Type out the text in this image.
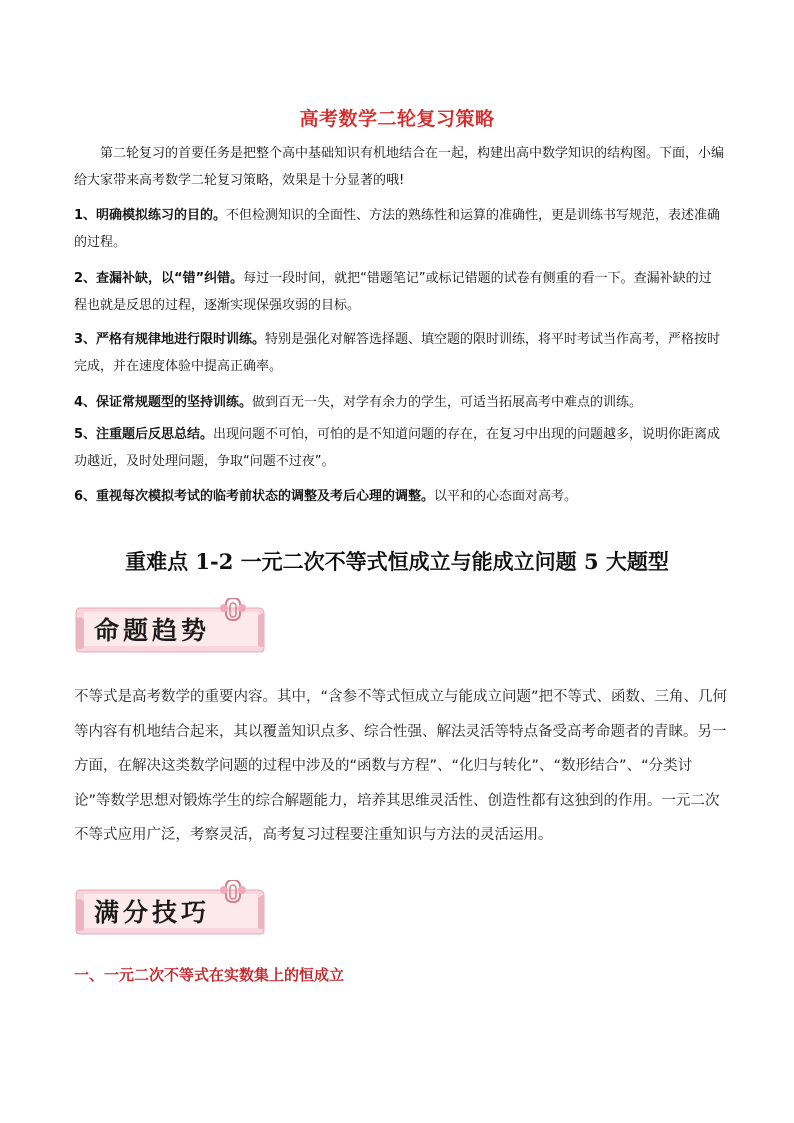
高考数学二轮复习策略
第二轮复习的首要任务是把整个高中基础知识有机地结合在一起，构建出高中数学知识的结构图。下面，小编给大家带来高考数学二轮复习策略，效果是十分显著的哦!
1、明确模拟练习的目的。不但检测知识的全面性、方法的熟练性和运算的准确性，更是训练书写规范，表述准确的过程。
2、查漏补缺，以“错”纠错。每过一段时间，就把“错题笔记”或标记错题的试卷有侧重的看一下。查漏补缺的过程也就是反思的过程，逐渐实现保强攻弱的目标。
3、严格有规律地进行限时训练。特别是强化对解答选择题、填空题的限时训练，将平时考试当作高考，严格按时完成，并在速度体验中提高正确率。
4、保证常规题型的坚持训练。做到百无一失，对学有余力的学生，可适当拓展高考中难点的训练。
5、注重题后反思总结。出现问题不可怕，可怕的是不知道问题的存在，在复习中出现的问题越多，说明你距离成功越近，及时处理问题，争取“问题不过夜”。
6、重视每次模拟考试的临考前状态的调整及考后心理的调整。以平和的心态面对高考。
重难点 1-2 一元二次不等式恒成立与能成立问题 5 大题型
命题趋势
不等式是高考数学的重要内容。其中，“含参不等式恒成立与能成立问题”把不等式、函数、三角、几何等内容有机地结合起来，其以覆盖知识点多、综合性强、解法灵活等特点备受高考命题者的青睐。另一方面，在解决这类数学问题的过程中涉及的“函数与方程”、“化归与转化”、“数形结合”、“分类讨论”等数学思想对锻炼学生的综合解题能力，培养其思维灵活性、创造性都有这独到的作用。一元二次不等式应用广泛，考察灵活，高考复习过程要注重知识与方法的灵活运用。
满分技巧
一、一元二次不等式在实数集上的恒成立
